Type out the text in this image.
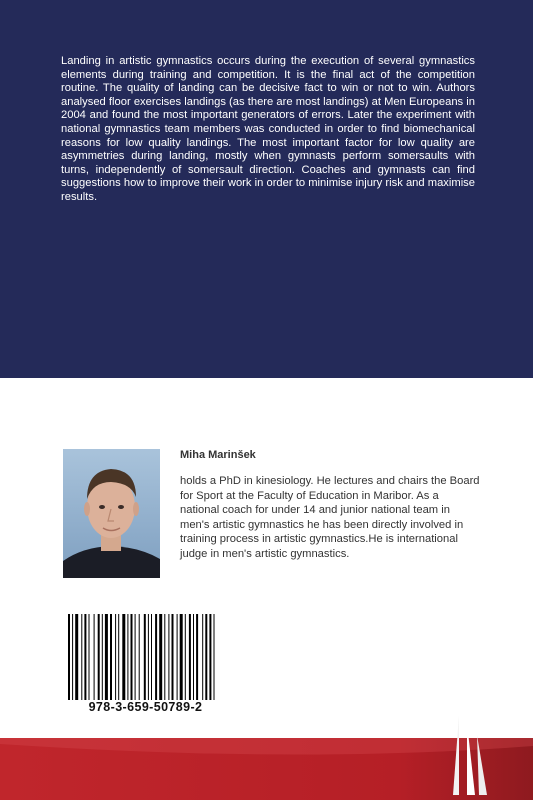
Landing in artistic gymnastics occurs during the execution of several gymnastics elements during training and competition. It is the final act of the competition routine. The quality of landing can be decisive fact to win or not to win. Authors analysed floor exercises landings (as there are most landings) at Men Europeans in 2004 and found the most important generators of errors. Later the experiment with national gymnastics team members was conducted in order to find biomechanical reasons for low quality landings. The most important factor for low quality are asymmetries during landing, mostly when gymnasts perform somersaults with turns, independently of somersault direction. Coaches and gymnasts can find suggestions how to improve their work in order to minimise injury risk and maximise results.

Miha Marinšek

holds a PhD in kinesiology. He lectures and chairs the Board for Sport at the Faculty of Education in Maribor. As a national coach for under 14 and junior national team in men's artistic gymnastics he has been directly involved in training process in artistic gymnastics.He is international judge in men's artistic gymnastics.

978-3-659-50789-2
